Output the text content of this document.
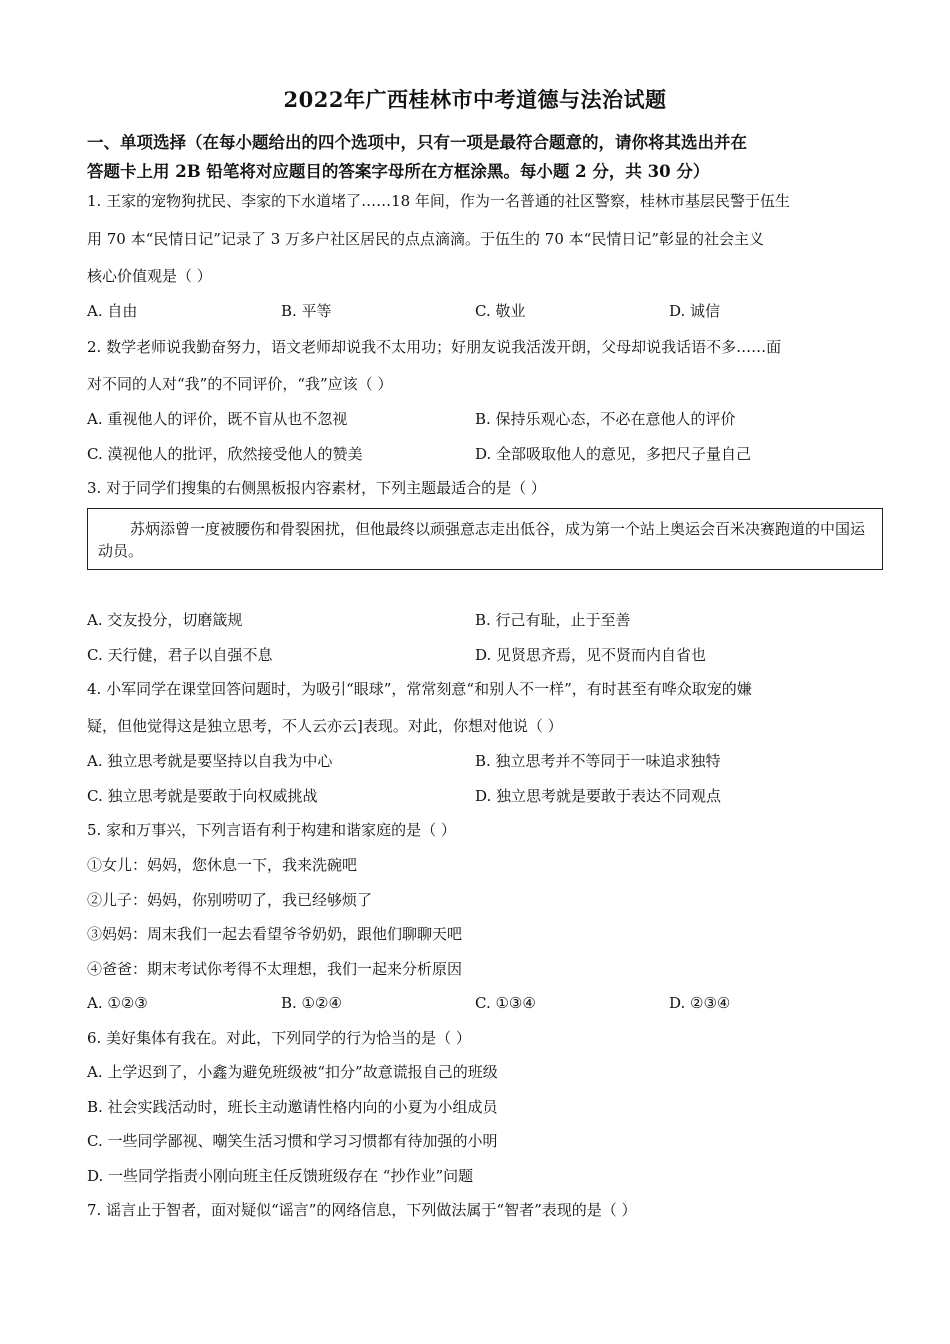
2022年广西桂林市中考道德与法治试题
一、单项选择（在每小题给出的四个选项中，只有一项是最符合题意的，请你将其选出并在
答题卡上用 2B 铅笔将对应题目的答案字母所在方框涂黑。每小题 2 分，共 30 分）
1. 王家的宠物狗扰民、李家的下水道堵了……18 年间，作为一名普通的社区警察，桂林市基层民警于伍生
用 70 本“民情日记”记录了 3 万多户社区居民的点点滴滴。于伍生的 70 本“民情日记”彰显的社会主义
核心价值观是（ ）
A. 自由	B. 平等	C. 敬业	D. 诚信
2. 数学老师说我勤奋努力，语文老师却说我不太用功；好朋友说我活泼开朗，父母却说我话语不多……面
对不同的人对“我”的不同评价，“我”应该（ ）
A. 重视他人的评价，既不盲从也不忽视	B. 保持乐观心态，不必在意他人的评价
C. 漠视他人的批评，欣然接受他人的赞美	D. 全部吸取他人的意见，多把尺子量自己
3. 对于同学们搜集的右侧黑板报内容素材，下列主题最适合的是（ ）
苏炳添曾一度被腰伤和骨裂困扰，但他最终以顽强意志走出低谷，成为第一个站上奥运会百米决赛跑道的中国运动员。
A. 交友投分，切磨箴规	B. 行己有耻，止于至善
C. 天行健，君子以自强不息	D. 见贤思齐焉，见不贤而内自省也
4. 小军同学在课堂回答问题时，为吸引“眼球”，常常刻意“和别人不一样”，有时甚至有哗众取宠的嫌
疑，但他觉得这是独立思考，不人云亦云]表现。对此，你想对他说（ ）
A. 独立思考就是要坚持以自我为中心	B. 独立思考并不等同于一味追求独特
C. 独立思考就是要敢于向权威挑战	D. 独立思考就是要敢于表达不同观点
5. 家和万事兴，下列言语有利于构建和谐家庭的是（ ）
①女儿：妈妈，您休息一下，我来洗碗吧
②儿子：妈妈，你别唠叨了，我已经够烦了
③妈妈：周末我们一起去看望爷爷奶奶，跟他们聊聊天吧
④爸爸：期末考试你考得不太理想，我们一起来分析原因
A. ①②③	B. ①②④	C. ①③④	D. ②③④
6. 美好集体有我在。对此，下列同学的行为恰当的是（ ）
A. 上学迟到了，小鑫为避免班级被“扣分”故意谎报自己的班级
B. 社会实践活动时，班长主动邀请性格内向的小夏为小组成员
C. 一些同学鄙视、嘲笑生活习惯和学习习惯都有待加强的小明
D. 一些同学指责小刚向班主任反馈班级存在 “抄作业”问题
7. 谣言止于智者，面对疑似“谣言”的网络信息，下列做法属于“智者”表现的是（ ）
